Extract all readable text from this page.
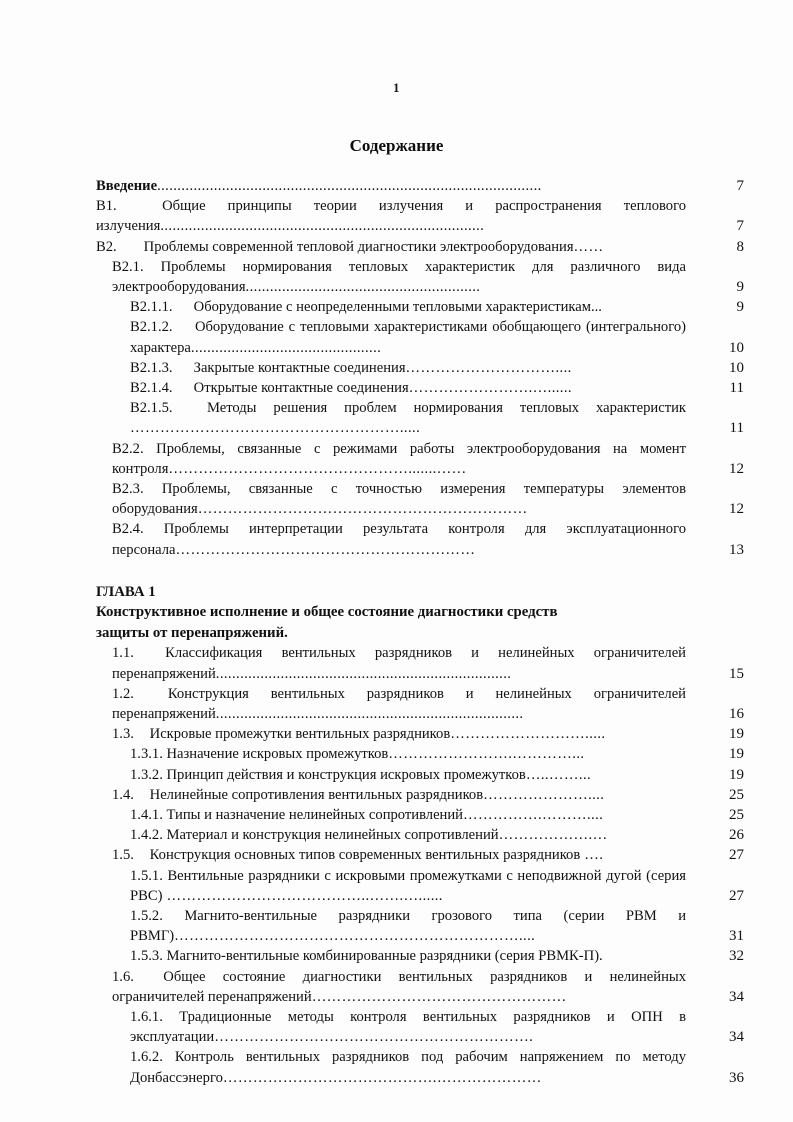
1
Содержание
Введение...............................................................................................	7
В1. Общие принципы теории излучения и распространения теплового излучения................................................................................	7
В2. Проблемы современной тепловой диагностики электрооборудования……	8
В2.1. Проблемы нормирования тепловых характеристик для различного вида электрооборудования..........................................................	9
В2.1.1. Оборудование с неопределенными тепловыми характеристикам...	9
В2.1.2. Оборудование с тепловыми характеристиками обобщающего (интегрального) характера...............................................	10
В2.1.3. Закрытые контактные соединения…………………………....	10
В2.1.4. Открытые контактные соединения…………………….…......	11
В2.1.5. Методы решения проблем нормирования тепловых характеристик ……………………………………………….....	11
В2.2. Проблемы, связанные с режимами работы электрооборудования на момент контроля………………………………………….......……	12
В2.3. Проблемы, связанные с точностью измерения температуры элементов оборудования…………………………………………………………	12
В2.4. Проблемы интерпретации результата контроля для эксплуатационного персонала……………………………………………………	13
ГЛАВА 1
Конструктивное исполнение и общее состояние диагностики средств
защиты от перенапряжений.
1.1. Классификация вентильных разрядников и нелинейных ограничителей перенапряжений.........................................................................	15
1.2. Конструкция вентильных разрядников и нелинейных ограничителей перенапряжений............................................................................	16
1.3. Искровые промежутки вентильных разрядников……………………….....	19
1.3.1. Назначение искровых промежутков…………………….…………...	19
1.3.2. Принцип действия и конструкция искровых промежутков…..……...	19
1.4. Нелинейные сопротивления вентильных разрядников…………………....	25
1.4.1. Типы и назначение нелинейных сопротивлений…………….………....	25
1.4.2. Материал и конструкция нелинейных сопротивлений……………….…	26
1.5. Конструкция основных типов современных вентильных разрядников ….	27
1.5.1. Вентильные разрядники с искровыми промежутками с неподвижной дугой (серия РВС) …………………………………..…….…......	27
1.5.2. Магнито-вентильные разрядники грозового типа (серии РВМ и РВМГ)……………………………………………………………....	31
1.5.3. Магнито-вентильные комбинированные разрядники (серия РВМК-П).	32
1.6. Общее состояние диагностики вентильных разрядников и нелинейных ограничителей перенапряжений……………………………………………	34
1.6.1. Традиционные методы контроля вентильных разрядников и ОПН в эксплуатации……………………………………………………….	34
1.6.2. Контроль вентильных разрядников под рабочим напряжением по методу Донбассэнерго…………………………………….…………………	36
